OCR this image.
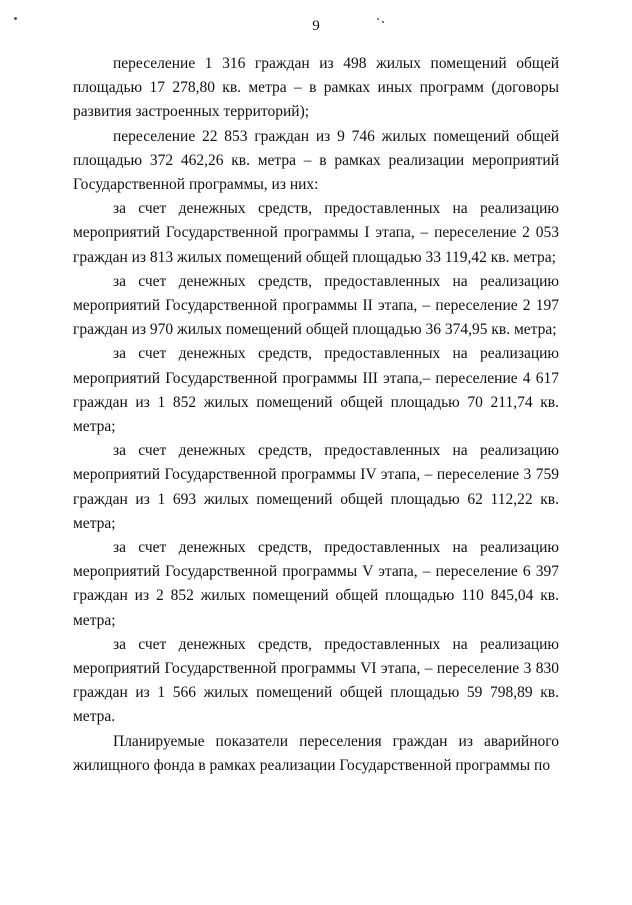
9

переселение 1 316 граждан из 498 жилых помещений общей площадью 17 278,80 кв. метра – в рамках иных программ (договоры развития застроенных территорий);

переселение 22 853 граждан из 9 746 жилых помещений общей площадью 372 462,26 кв. метра – в рамках реализации мероприятий Государственной программы, из них:

за счет денежных средств, предоставленных на реализацию мероприятий Государственной программы I этапа, – переселение 2 053 граждан из 813 жилых помещений общей площадью 33 119,42 кв. метра;

за счет денежных средств, предоставленных на реализацию мероприятий Государственной программы II этапа, – переселение 2 197 граждан из 970 жилых помещений общей площадью 36 374,95 кв. метра;

за счет денежных средств, предоставленных на реализацию мероприятий Государственной программы III этапа,– переселение 4 617 граждан из 1 852 жилых помещений общей площадью 70 211,74 кв. метра;

за счет денежных средств, предоставленных на реализацию мероприятий Государственной программы IV этапа, – переселение 3 759 граждан из 1 693 жилых помещений общей площадью 62 112,22 кв. метра;

за счет денежных средств, предоставленных на реализацию мероприятий Государственной программы V этапа, – переселение 6 397 граждан из 2 852 жилых помещений общей площадью 110 845,04 кв. метра;

за счет денежных средств, предоставленных на реализацию мероприятий Государственной программы VI этапа, – переселение 3 830 граждан из 1 566 жилых помещений общей площадью 59 798,89 кв. метра.

Планируемые показатели переселения граждан из аварийного жилищного фонда в рамках реализации Государственной программы по
